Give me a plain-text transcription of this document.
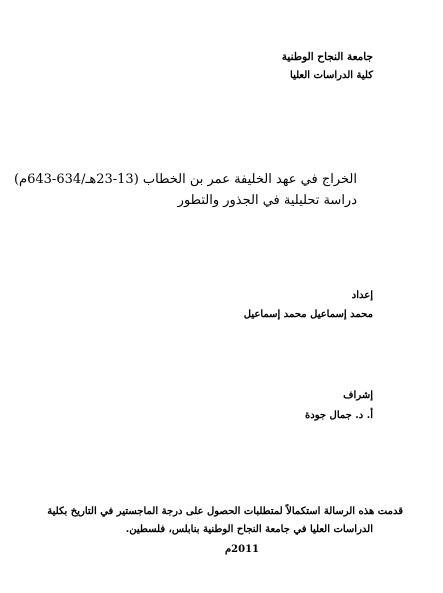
جامعة النجاح الوطنية
كلية الدراسات العليا
الخراج في عهد الخليفة عمر بن الخطاب (13-23هـ/634-643م)
دراسة تحليلية في الجذور والتطور
إعداد
محمد إسماعيل محمد إسماعيل
إشراف
أ. د. جمال جودة
قدمت هذه الرسالة استكمالاً لمتطلبات الحصول على درجة الماجستير في التاريخ بكلية
الدراسات العليا في جامعة النجاح الوطنية بنابلس، فلسطين.
2011م
